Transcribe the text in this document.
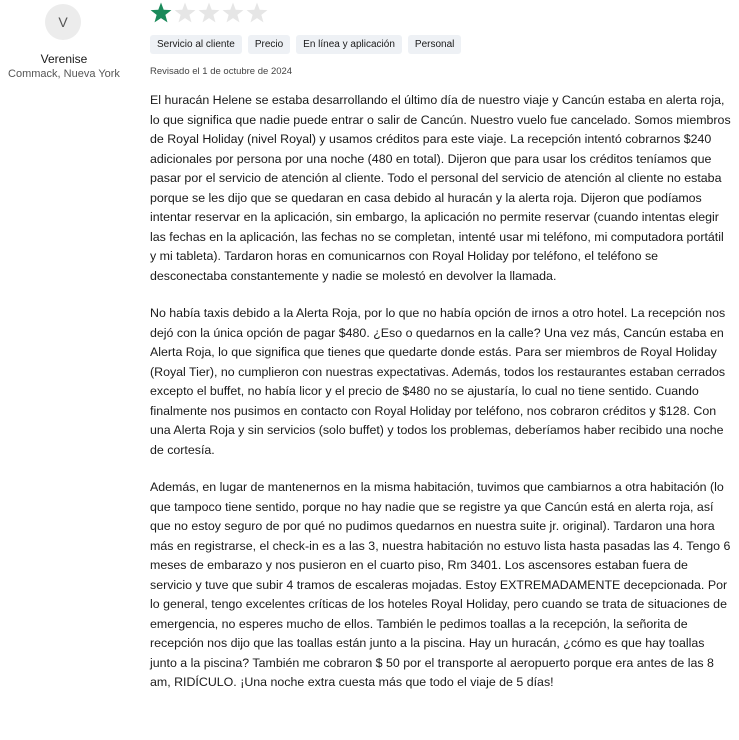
V
Verenise
Commack, Nueva York
Servicio al cliente	Precio	En línea y aplicación	Personal
Revisado el 1 de octubre de 2024

El huracán Helene se estaba desarrollando el último día de nuestro viaje y Cancún estaba en alerta roja, lo que significa que nadie puede entrar o salir de Cancún. Nuestro vuelo fue cancelado. Somos miembros de Royal Holiday (nivel Royal) y usamos créditos para este viaje. La recepción intentó cobrarnos $240 adicionales por persona por una noche (480 en total). Dijeron que para usar los créditos teníamos que pasar por el servicio de atención al cliente. Todo el personal del servicio de atención al cliente no estaba porque se les dijo que se quedaran en casa debido al huracán y la alerta roja. Dijeron que podíamos intentar reservar en la aplicación, sin embargo, la aplicación no permite reservar (cuando intentas elegir las fechas en la aplicación, las fechas no se completan, intenté usar mi teléfono, mi computadora portátil y mi tableta). Tardaron horas en comunicarnos con Royal Holiday por teléfono, el teléfono se desconectaba constantemente y nadie se molestó en devolver la llamada.

No había taxis debido a la Alerta Roja, por lo que no había opción de irnos a otro hotel. La recepción nos dejó con la única opción de pagar $480. ¿Eso o quedarnos en la calle? Una vez más, Cancún estaba en Alerta Roja, lo que significa que tienes que quedarte donde estás. Para ser miembros de Royal Holiday (Royal Tier), no cumplieron con nuestras expectativas. Además, todos los restaurantes estaban cerrados excepto el buffet, no había licor y el precio de $480 no se ajustaría, lo cual no tiene sentido. Cuando finalmente nos pusimos en contacto con Royal Holiday por teléfono, nos cobraron créditos y $128. Con una Alerta Roja y sin servicios (solo buffet) y todos los problemas, deberíamos haber recibido una noche de cortesía.

Además, en lugar de mantenernos en la misma habitación, tuvimos que cambiarnos a otra habitación (lo que tampoco tiene sentido, porque no hay nadie que se registre ya que Cancún está en alerta roja, así que no estoy seguro de por qué no pudimos quedarnos en nuestra suite jr. original). Tardaron una hora más en registrarse, el check-in es a las 3, nuestra habitación no estuvo lista hasta pasadas las 4. Tengo 6 meses de embarazo y nos pusieron en el cuarto piso, Rm 3401. Los ascensores estaban fuera de servicio y tuve que subir 4 tramos de escaleras mojadas. Estoy EXTREMADAMENTE decepcionada. Por lo general, tengo excelentes críticas de los hoteles Royal Holiday, pero cuando se trata de situaciones de emergencia, no esperes mucho de ellos. También le pedimos toallas a la recepción, la señorita de recepción nos dijo que las toallas están junto a la piscina. Hay un huracán, ¿cómo es que hay toallas junto a la piscina? También me cobraron $ 50 por el transporte al aeropuerto porque era antes de las 8 am, RIDÍCULO. ¡Una noche extra cuesta más que todo el viaje de 5 días!
